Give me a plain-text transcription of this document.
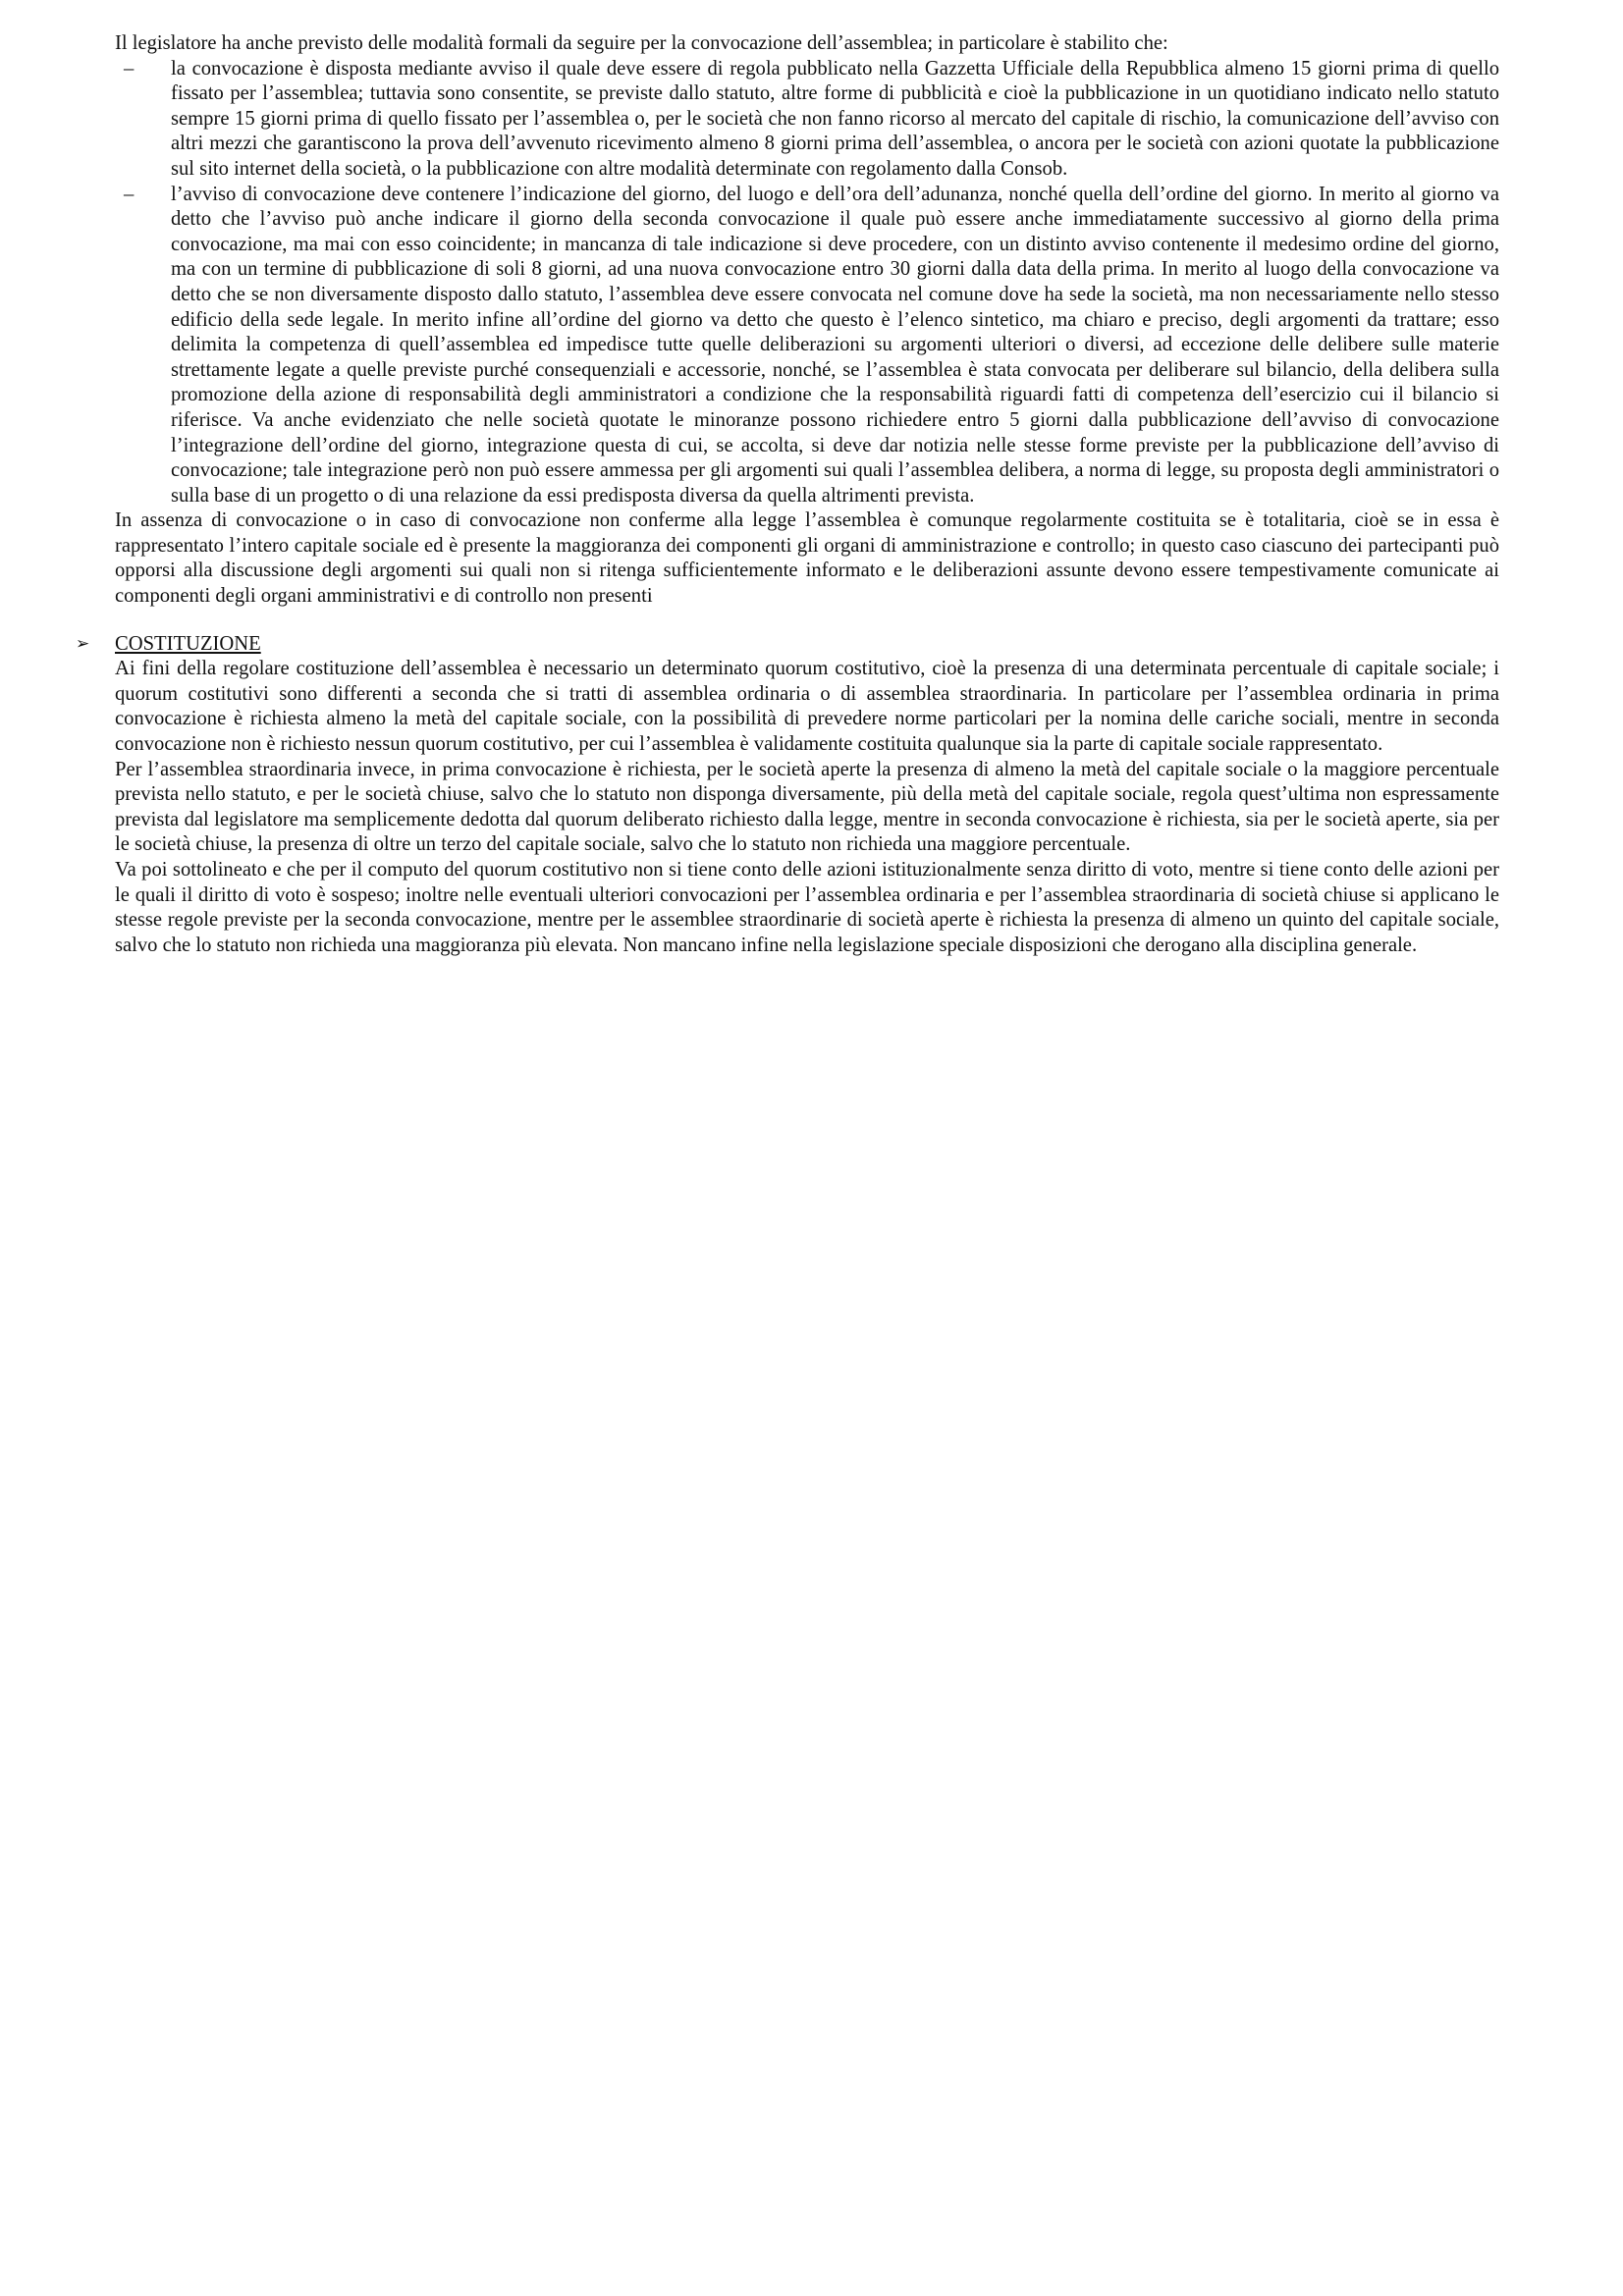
Il legislatore ha anche previsto delle modalità formali da seguire per la convocazione dell’assemblea; in particolare è stabilito che:

– la convocazione è disposta mediante avviso il quale deve essere di regola pubblicato nella Gazzetta Ufficiale della Repubblica almeno 15 giorni prima di quello fissato per l’assemblea; tuttavia sono consentite, se previste dallo statuto, altre forme di pubblicità e cioè la pubblicazione in un quotidiano indicato nello statuto sempre 15 giorni prima di quello fissato per l’assemblea o, per le società che non fanno ricorso al mercato del capitale di rischio, la comunicazione dell’avviso con altri mezzi che garantiscono la prova dell’avvenuto ricevimento almeno 8 giorni prima dell’assemblea, o ancora per le società con azioni quotate la pubblicazione sul sito internet della società, o la pubblicazione con altre modalità determinate con regolamento dalla Consob.
– l’avviso di convocazione deve contenere l’indicazione del giorno, del luogo e dell’ora dell’adunanza, nonché quella dell’ordine del giorno. In merito al giorno va detto che l’avviso può anche indicare il giorno della seconda convocazione il quale può essere anche immediatamente successivo al giorno della prima convocazione, ma mai con esso coincidente; in mancanza di tale indicazione si deve procedere, con un distinto avviso contenente il medesimo ordine del giorno, ma con un termine di pubblicazione di soli 8 giorni, ad una nuova convocazione entro 30 giorni dalla data della prima. In merito al luogo della convocazione va detto che se non diversamente disposto dallo statuto, l’assemblea deve essere convocata nel comune dove ha sede la società, ma non necessariamente nello stesso edificio della sede legale. In merito infine all’ordine del giorno va detto che questo è l’elenco sintetico, ma chiaro e preciso, degli argomenti da trattare; esso delimita la competenza di quell’assemblea ed impedisce tutte quelle deliberazioni su argomenti ulteriori o diversi, ad eccezione delle delibere sulle materie strettamente legate a quelle previste purché consequenziali e accessorie, nonché, se l’assemblea è stata convocata per deliberare sul bilancio, della delibera sulla promozione della azione di responsabilità degli amministratori a condizione che la responsabilità riguardi fatti di competenza dell’esercizio cui il bilancio si riferisce. Va anche evidenziato che nelle società quotate le minoranze possono richiedere entro 5 giorni dalla pubblicazione dell’avviso di convocazione l’integrazione dell’ordine del giorno, integrazione questa di cui, se accolta, si deve dar notizia nelle stesse forme previste per la pubblicazione dell’avviso di convocazione; tale integrazione però non può essere ammessa per gli argomenti sui quali l’assemblea delibera, a norma di legge, su proposta degli amministratori o sulla base di un progetto o di una relazione da essi predisposta diversa da quella altrimenti prevista.

In assenza di convocazione o in caso di convocazione non conferme alla legge l’assemblea è comunque regolarmente costituita se è totalitaria, cioè se in essa è rappresentato l’intero capitale sociale ed è presente la maggioranza dei componenti gli organi di amministrazione e controllo; in questo caso ciascuno dei partecipanti può opporsi alla discussione degli argomenti sui quali non si ritenga sufficientemente informato e le deliberazioni assunte devono essere tempestivamente comunicate ai componenti degli organi amministrativi e di controllo non presenti

➢ COSTITUZIONE

Ai fini della regolare costituzione dell’assemblea è necessario un determinato quorum costitutivo, cioè la presenza di una determinata percentuale di capitale sociale; i quorum costitutivi sono differenti a seconda che si tratti di assemblea ordinaria o di assemblea straordinaria. In particolare per l’assemblea ordinaria in prima convocazione è richiesta almeno la metà del capitale sociale, con la possibilità di prevedere norme particolari per la nomina delle cariche sociali, mentre in seconda convocazione non è richiesto nessun quorum costitutivo, per cui l’assemblea è validamente costituita qualunque sia la parte di capitale sociale rappresentato.

Per l’assemblea straordinaria invece, in prima convocazione è richiesta, per le società aperte la presenza di almeno la metà del capitale sociale o la maggiore percentuale prevista nello statuto, e per le società chiuse, salvo che lo statuto non disponga diversamente, più della metà del capitale sociale, regola quest’ultima non espressamente prevista dal legislatore ma semplicemente dedotta dal quorum deliberato richiesto dalla legge, mentre in seconda convocazione è richiesta, sia per le società aperte, sia per le società chiuse, la presenza di oltre un terzo del capitale sociale, salvo che lo statuto non richieda una maggiore percentuale.

Va poi sottolineato e che per il computo del quorum costitutivo non si tiene conto delle azioni istituzionalmente senza diritto di voto, mentre si tiene conto delle azioni per le quali il diritto di voto è sospeso; inoltre nelle eventuali ulteriori convocazioni per l’assemblea ordinaria e per l’assemblea straordinaria di società chiuse si applicano le stesse regole previste per la seconda convocazione, mentre per le assemblee straordinarie di società aperte è richiesta la presenza di almeno un quinto del capitale sociale, salvo che lo statuto non richieda una maggioranza più elevata. Non mancano infine nella legislazione speciale disposizioni che derogano alla disciplina generale.
